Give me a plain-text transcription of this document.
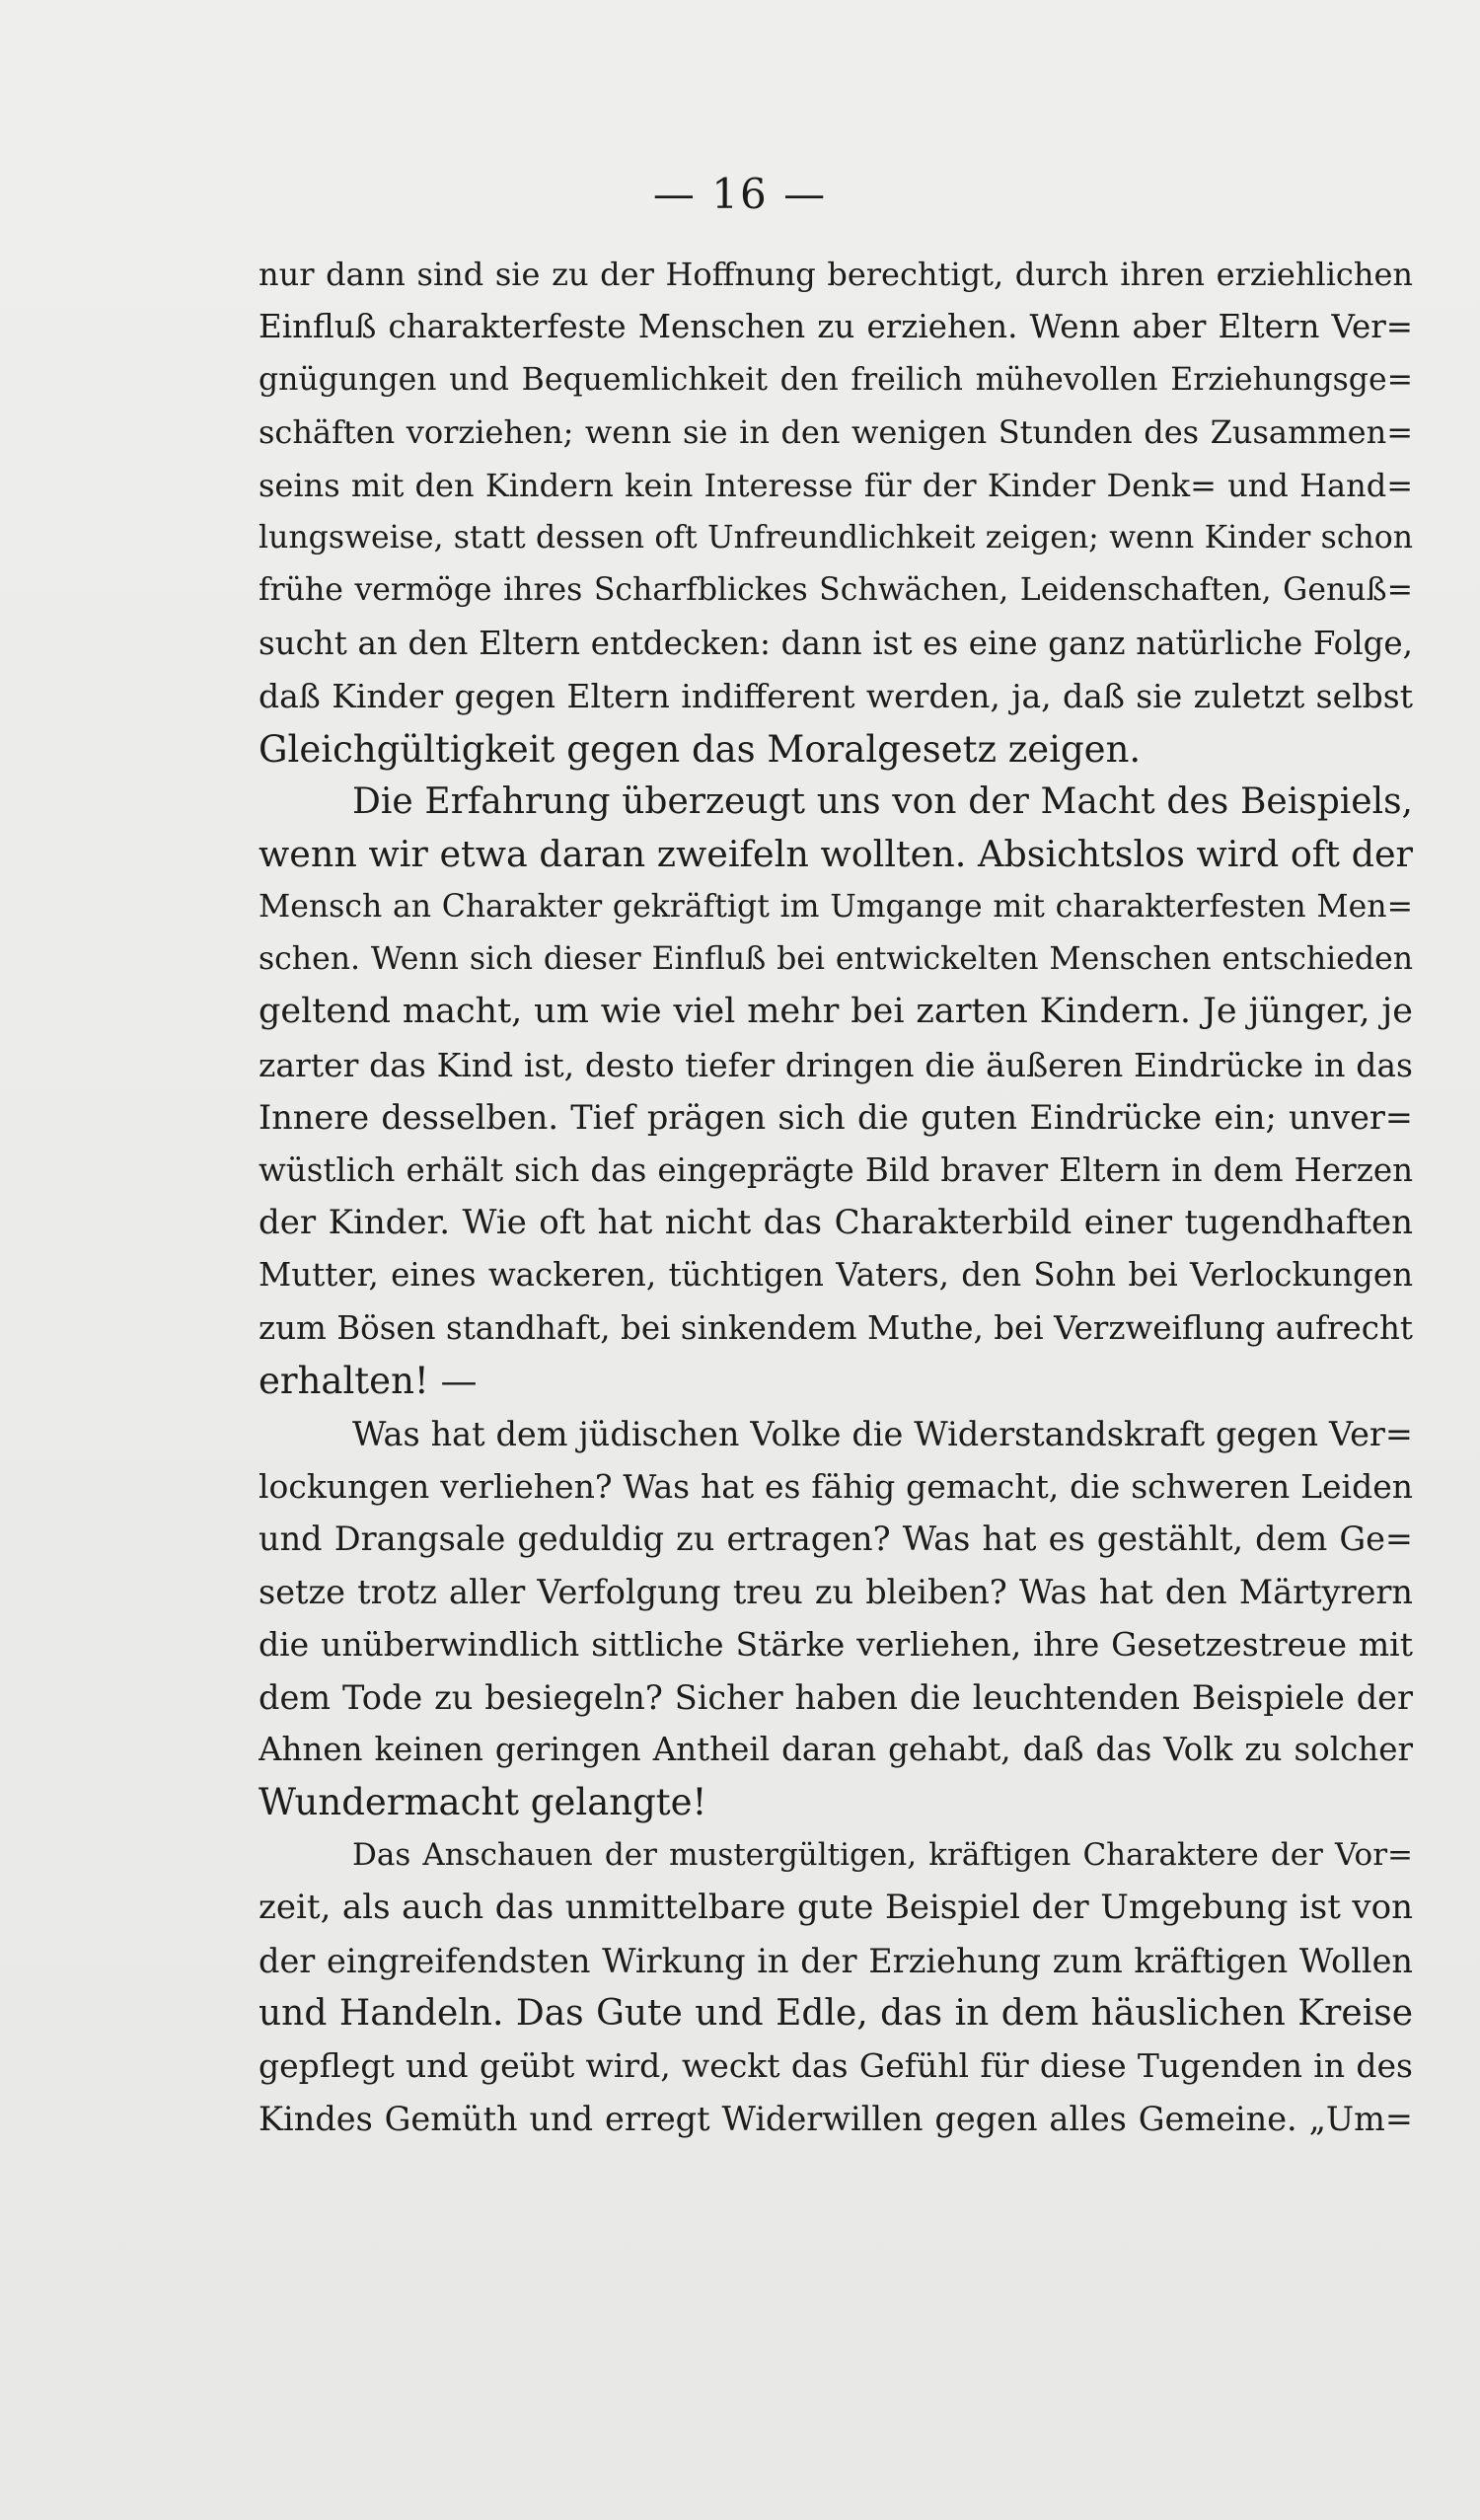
— 16 —

nur dann sind sie zu der Hoffnung berechtigt, durch ihren erziehlichen
Einfluß charakterfeste Menschen zu erziehen. Wenn aber Eltern Ver=
gnügungen und Bequemlichkeit den freilich mühevollen Erziehungsge=
schäften vorziehen; wenn sie in den wenigen Stunden des Zusammen=
seins mit den Kindern kein Interesse für der Kinder Denk= und Hand=
lungsweise, statt dessen oft Unfreundlichkeit zeigen; wenn Kinder schon
frühe vermöge ihres Scharfblickes Schwächen, Leidenschaften, Genuß=
sucht an den Eltern entdecken: dann ist es eine ganz natürliche Folge,
daß Kinder gegen Eltern indifferent werden, ja, daß sie zuletzt selbst
Gleichgültigkeit gegen das Moralgesetz zeigen.
Die Erfahrung überzeugt uns von der Macht des Beispiels,
wenn wir etwa daran zweifeln wollten. Absichtslos wird oft der
Mensch an Charakter gekräftigt im Umgange mit charakterfesten Men=
schen. Wenn sich dieser Einfluß bei entwickelten Menschen entschieden
geltend macht, um wie viel mehr bei zarten Kindern. Je jünger, je
zarter das Kind ist, desto tiefer dringen die äußeren Eindrücke in das
Innere desselben. Tief prägen sich die guten Eindrücke ein; unver=
wüstlich erhält sich das eingeprägte Bild braver Eltern in dem Herzen
der Kinder. Wie oft hat nicht das Charakterbild einer tugendhaften
Mutter, eines wackeren, tüchtigen Vaters, den Sohn bei Verlockungen
zum Bösen standhaft, bei sinkendem Muthe, bei Verzweiflung aufrecht
erhalten! —
Was hat dem jüdischen Volke die Widerstandskraft gegen Ver=
lockungen verliehen? Was hat es fähig gemacht, die schweren Leiden
und Drangsale geduldig zu ertragen? Was hat es gestählt, dem Ge=
setze trotz aller Verfolgung treu zu bleiben? Was hat den Märtyrern
die unüberwindlich sittliche Stärke verliehen, ihre Gesetzestreue mit
dem Tode zu besiegeln? Sicher haben die leuchtenden Beispiele der
Ahnen keinen geringen Antheil daran gehabt, daß das Volk zu solcher
Wundermacht gelangte!
Das Anschauen der mustergültigen, kräftigen Charaktere der Vor=
zeit, als auch das unmittelbare gute Beispiel der Umgebung ist von
der eingreifendsten Wirkung in der Erziehung zum kräftigen Wollen
und Handeln. Das Gute und Edle, das in dem häuslichen Kreise
gepflegt und geübt wird, weckt das Gefühl für diese Tugenden in des
Kindes Gemüth und erregt Widerwillen gegen alles Gemeine. „Um=
